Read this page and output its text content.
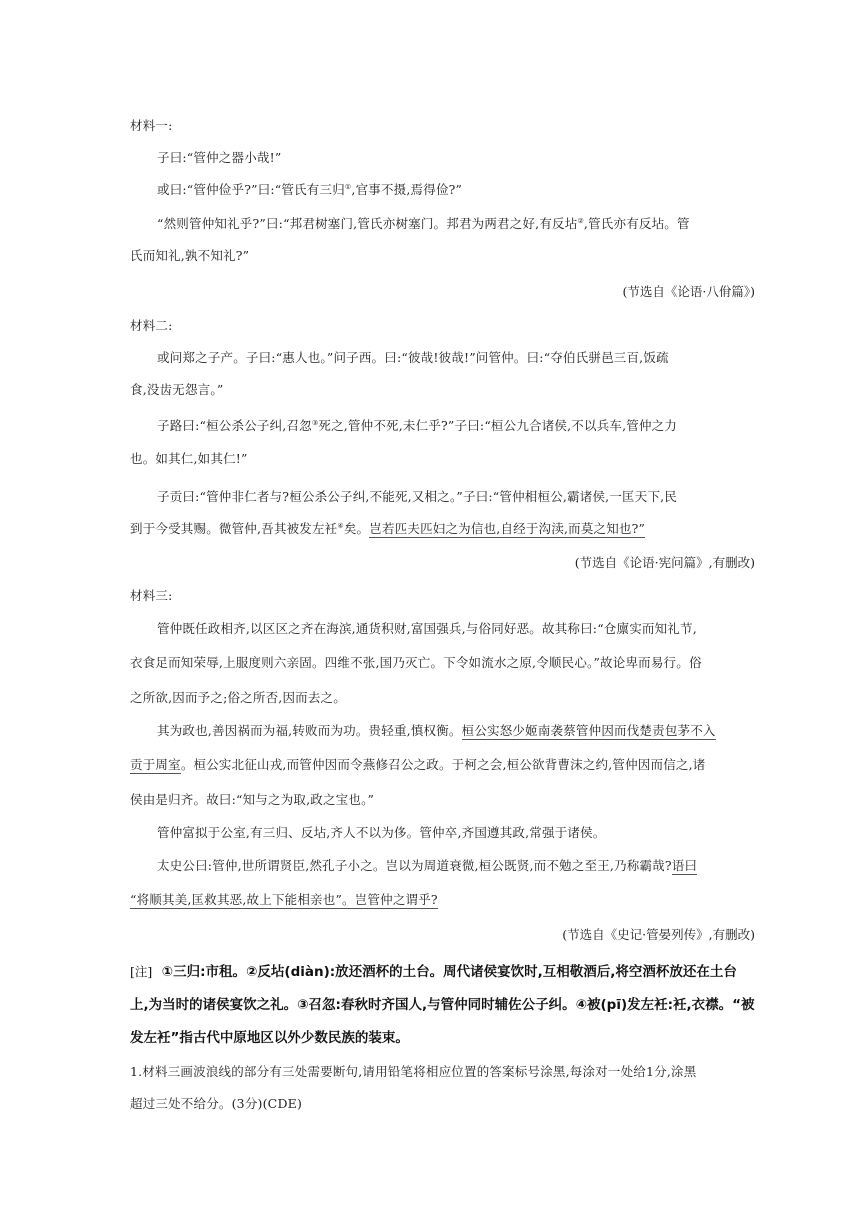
材料一:
子曰:“管仲之器小哉!”
或曰:“管仲俭乎?”曰:“管氏有三归①,官事不摄,焉得俭?”
“然则管仲知礼乎?”曰:“邦君树塞门,管氏亦树塞门。邦君为两君之好,有反坫②,管氏亦有反坫。管
氏而知礼,孰不知礼?”
(节选自《论语·八佾篇》)
材料二:
或问郑之子产。子曰:“惠人也。”问子西。曰:“彼哉!彼哉!”问管仲。曰:“夺伯氏骈邑三百,饭疏
食,没齿无怨言。”
子路曰:“桓公杀公子纠,召忽③死之,管仲不死,未仁乎?”子曰:“桓公九合诸侯,不以兵车,管仲之力
也。如其仁,如其仁!”
子贡曰:“管仲非仁者与?桓公杀公子纠,不能死,又相之。”子曰:“管仲相桓公,霸诸侯,一匡天下,民
到于今受其赐。微管仲,吾其被发左衽④矣。岂若匹夫匹妇之为信也,自经于沟渎,而莫之知也?”
(节选自《论语·宪问篇》,有删改)
材料三:
管仲既任政相齐,以区区之齐在海滨,通货积财,富国强兵,与俗同好恶。故其称曰:“仓廪实而知礼节,
衣食足而知荣辱,上服度则六亲固。四维不张,国乃灭亡。下令如流水之原,令顺民心。”故论卑而易行。俗
之所欲,因而予之;俗之所否,因而去之。
其为政也,善因祸而为福,转败而为功。贵轻重,慎权衡。桓公实怒少姬南袭蔡管仲因而伐楚责包茅不入
贡于周室。桓公实北征山戎,而管仲因而令燕修召公之政。于柯之会,桓公欲背曹沫之约,管仲因而信之,诸
侯由是归齐。故曰:“知与之为取,政之宝也。”
管仲富拟于公室,有三归、反坫,齐人不以为侈。管仲卒,齐国遵其政,常强于诸侯。
太史公曰:管仲,世所谓贤臣,然孔子小之。岂以为周道衰微,桓公既贤,而不勉之至王,乃称霸哉?语曰
“将顺其美,匡救其恶,故上下能相亲也”。岂管仲之谓乎?
(节选自《史记·管晏列传》,有删改)
[注] ①三归:市租。②反坫(diàn):放还酒杯的土台。周代诸侯宴饮时,互相敬酒后,将空酒杯放还在土台
上,为当时的诸侯宴饮之礼。③召忽:春秋时齐国人,与管仲同时辅佐公子纠。④被(pī)发左衽:衽,衣襟。“被
发左衽”指古代中原地区以外少数民族的装束。
1.材料三画波浪线的部分有三处需要断句,请用铅笔将相应位置的答案标号涂黑,每涂对一处给1分,涂黑
超过三处不给分。(3分)(CDE)
